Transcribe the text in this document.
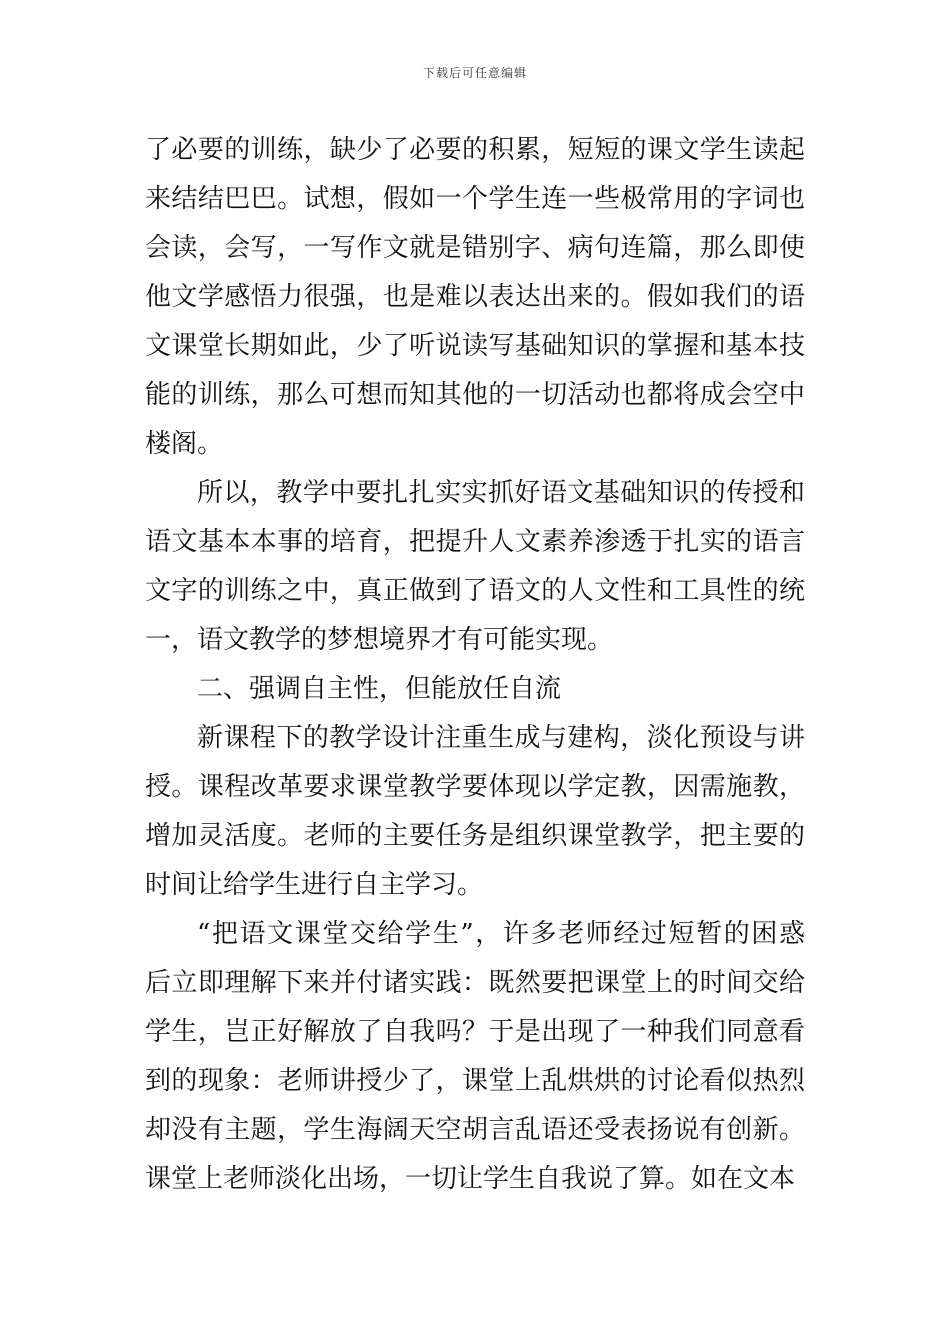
下载后可任意编辑
了必要的训练，缺少了必要的积累，短短的课文学生读起
来结结巴巴。试想，假如一个学生连一些极常用的字词也
会读，会写，一写作文就是错别字、病句连篇，那么即使
他文学感悟力很强，也是难以表达出来的。假如我们的语
文课堂长期如此，少了听说读写基础知识的掌握和基本技
能的训练，那么可想而知其他的一切活动也都将成会空中
楼阁。
所以，教学中要扎扎实实抓好语文基础知识的传授和
语文基本本事的培育，把提升人文素养渗透于扎实的语言
文字的训练之中，真正做到了语文的人文性和工具性的统
一，语文教学的梦想境界才有可能实现。
二、强调自主性，但能放任自流
新课程下的教学设计注重生成与建构，淡化预设与讲
授。课程改革要求课堂教学要体现以学定教，因需施教，
增加灵活度。老师的主要任务是组织课堂教学，把主要的
时间让给学生进行自主学习。
“把语文课堂交给学生”，许多老师经过短暂的困惑
后立即理解下来并付诸实践：既然要把课堂上的时间交给
学生，岂正好解放了自我吗？于是出现了一种我们同意看
到的现象：老师讲授少了，课堂上乱烘烘的讨论看似热烈
却没有主题，学生海阔天空胡言乱语还受表扬说有创新。
课堂上老师淡化出场，一切让学生自我说了算。如在文本
